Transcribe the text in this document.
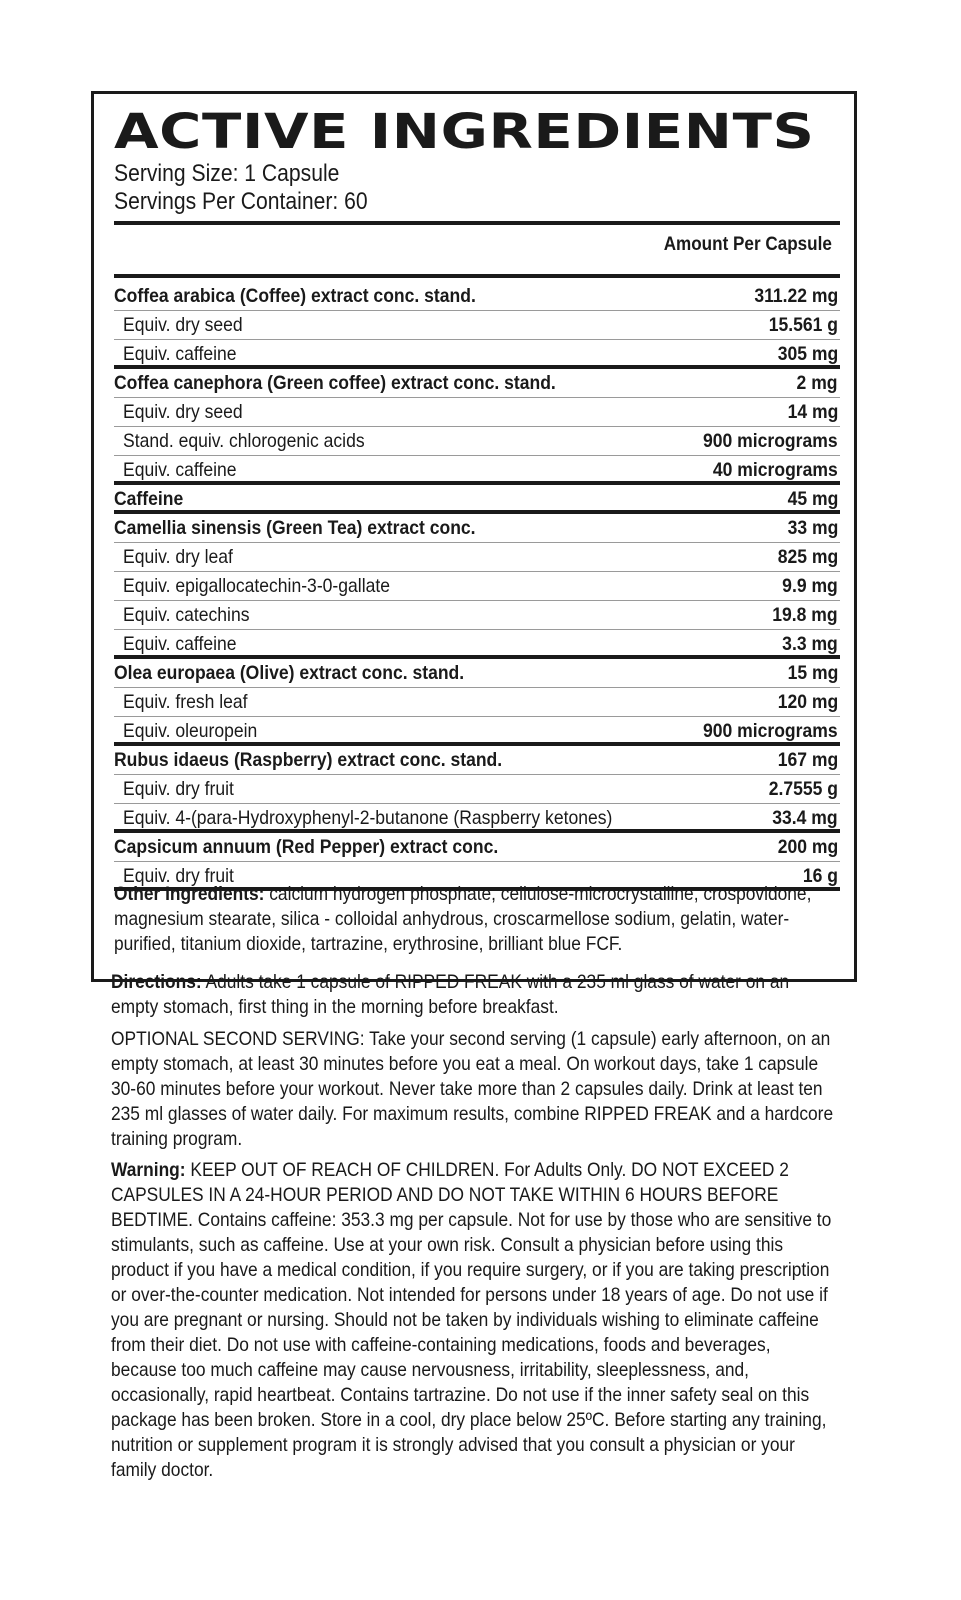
ACTIVE INGREDIENTS
Serving Size: 1 Capsule
Servings Per Container: 60
Amount Per Capsule
Coffea arabica (Coffee) extract conc. stand.	311.22 mg
Equiv. dry seed	15.561 g
Equiv. caffeine	305 mg
Coffea canephora (Green coffee) extract conc. stand.	2 mg
Equiv. dry seed	14 mg
Stand. equiv. chlorogenic acids	900 micrograms
Equiv. caffeine	40 micrograms
Caffeine	45 mg
Camellia sinensis (Green Tea) extract conc.	33 mg
Equiv. dry leaf	825 mg
Equiv. epigallocatechin-3-0-gallate	9.9 mg
Equiv. catechins	19.8 mg
Equiv. caffeine	3.3 mg
Olea europaea (Olive) extract conc. stand.	15 mg
Equiv. fresh leaf	120 mg
Equiv. oleuropein	900 micrograms
Rubus idaeus (Raspberry) extract conc. stand.	167 mg
Equiv. dry fruit	2.7555 g
Equiv. 4-(para-Hydroxyphenyl-2-butanone (Raspberry ketones)	33.4 mg
Capsicum annuum (Red Pepper) extract conc.	200 mg
Equiv. dry fruit	16 g
Other Ingredients: calcium hydrogen phosphate, cellulose-microcrystalline, crospovidone, magnesium stearate, silica - colloidal anhydrous, croscarmellose sodium, gelatin, water-purified, titanium dioxide, tartrazine, erythrosine, brilliant blue FCF.
Directions: Adults take 1 capsule of RIPPED FREAK with a 235 ml glass of water on an empty stomach, first thing in the morning before breakfast.
OPTIONAL SECOND SERVING: Take your second serving (1 capsule) early afternoon, on an empty stomach, at least 30 minutes before you eat a meal. On workout days, take 1 capsule 30-60 minutes before your workout. Never take more than 2 capsules daily. Drink at least ten 235 ml glasses of water daily. For maximum results, combine RIPPED FREAK and a hardcore training program.
Warning: KEEP OUT OF REACH OF CHILDREN. For Adults Only. DO NOT EXCEED 2 CAPSULES IN A 24-HOUR PERIOD AND DO NOT TAKE WITHIN 6 HOURS BEFORE BEDTIME. Contains caffeine: 353.3 mg per capsule. Not for use by those who are sensitive to stimulants, such as caffeine. Use at your own risk. Consult a physician before using this product if you have a medical condition, if you require surgery, or if you are taking prescription or over-the-counter medication. Not intended for persons under 18 years of age. Do not use if you are pregnant or nursing. Should not be taken by individuals wishing to eliminate caffeine from their diet. Do not use with caffeine-containing medications, foods and beverages, because too much caffeine may cause nervousness, irritability, sleeplessness, and, occasionally, rapid heartbeat. Contains tartrazine. Do not use if the inner safety seal on this package has been broken. Store in a cool, dry place below 25ºC. Before starting any training, nutrition or supplement program it is strongly advised that you consult a physician or your family doctor.
